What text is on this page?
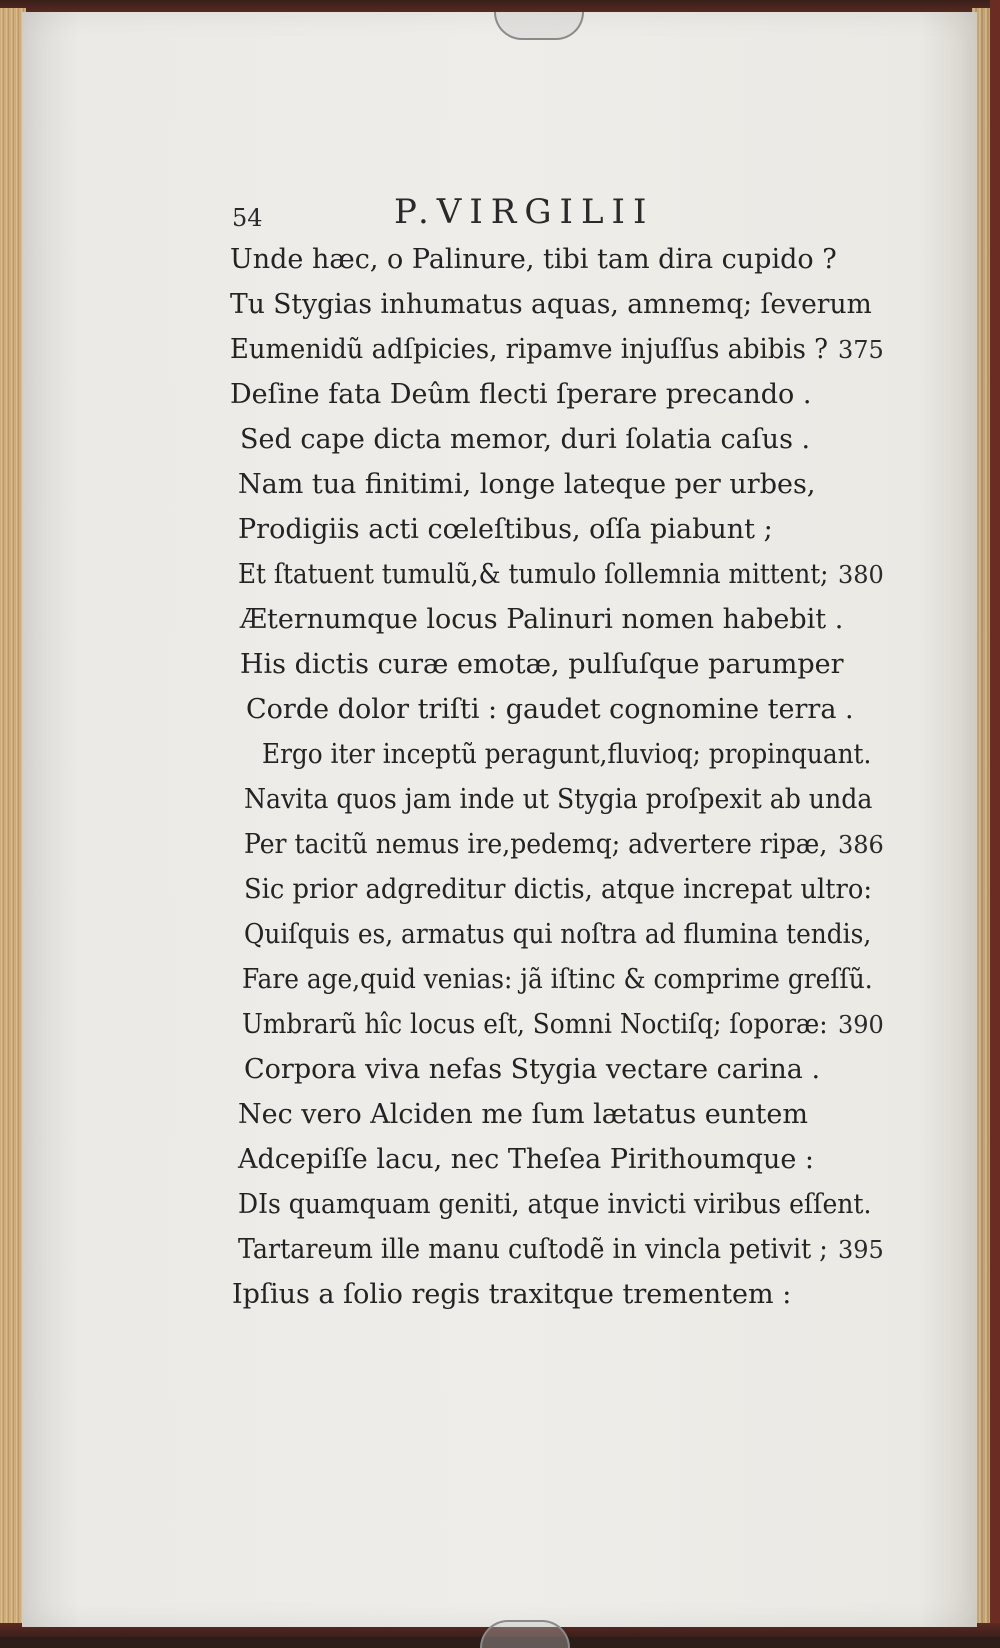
54	P.VIRGILII
Unde hæc, o Palinure, tibi tam dira cupido ?
Tu Stygias inhumatus aquas, amnemq; ſeverum
Eumenidũ adſpicies, ripamve injuſſus abibis ? 375
Deſine fata Deûm flecti ſperare precando .
Sed cape dicta memor, duri ſolatia caſus .
Nam tua finitimi, longe lateque per urbes,
Prodigiis acti cœleſtibus, oſſa piabunt ;
Et ſtatuent tumulũ,& tumulo ſollemnia mittent; 380
Æternumque locus Palinuri nomen habebit .
His dictis curæ emotæ, pulſuſque parumper
Corde dolor triſti : gaudet cognomine terra .
Ergo iter inceptũ peragunt,fluvioq; propinquant.
Navita quos jam inde ut Stygia proſpexit ab unda
Per tacitũ nemus ire,pedemq; advertere ripæ, 386
Sic prior adgreditur dictis, atque increpat ultro:
Quiſquis es, armatus qui noſtra ad flumina tendis,
Fare age,quid venias: jã iſtinc & comprime greſſũ.
Umbrarũ hîc locus eſt, Somni Noctiſq; ſoporæ: 390
Corpora viva nefas Stygia vectare carina .
Nec vero Alciden me ſum lætatus euntem
Adcepiſſe lacu, nec Theſea Pirithoumque :
DIs quamquam geniti, atque invicti viribus eſſent.
Tartareum ille manu cuſtodẽ in vincla petivit ; 395
Ipſius a ſolio regis traxitque trementem :
